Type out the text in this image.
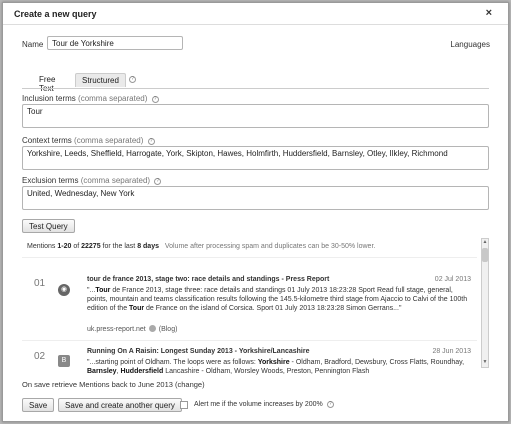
Create a new query	×
Name
Tour de Yorkshire	Languages
Free Text
Structured	?
Inclusion terms (comma separated) ?
Tour
Context terms (comma separated) ?
Yorkshire, Leeds, Sheffield, Harrogate, York, Skipton, Hawes, Holmfirth, Huddersfield, Barnsley, Otley, Ilkley, Richmond
Exclusion terms (comma separated) ?
United, Wednesday, New York
Test Query
Mentions 1-20 of 22275 for the last 8 days Volume after processing spam and duplicates can be 30-50% lower.
01
◉
tour de france 2013, stage two: race details and standings - Press Report	02 Jul 2013
"...Tour de France 2013, stage three: race details and standings 01 July 2013 18:23:28 Sport Read full stage, general, points, mountain and teams classification results following the 145.5-kilometre third stage from Ajaccio to Calvi of the 100th edition of the Tour de France on the island of Corsica. Sport 01 July 2013 18:23:28 Simon Gerrans..."
uk.press-report.net (Blog)
02	B
Running On A Raisin: Longest Sunday 2013 - Yorkshire/Lancashire	28 Jun 2013
"...starting point of Oldham. The loops were as follows: Yorkshire - Oldham, Bradford, Dewsbury, Cross Flatts, Roundhay, Barnsley, Huddersfield Lancashire - Oldham, Worsley Woods, Preston, Pennington Flash
▲
▼
On save retrieve Mentions back to June 2013 (change)
Save	Save and create another query	Alert me if the volume increases by 200% ?
